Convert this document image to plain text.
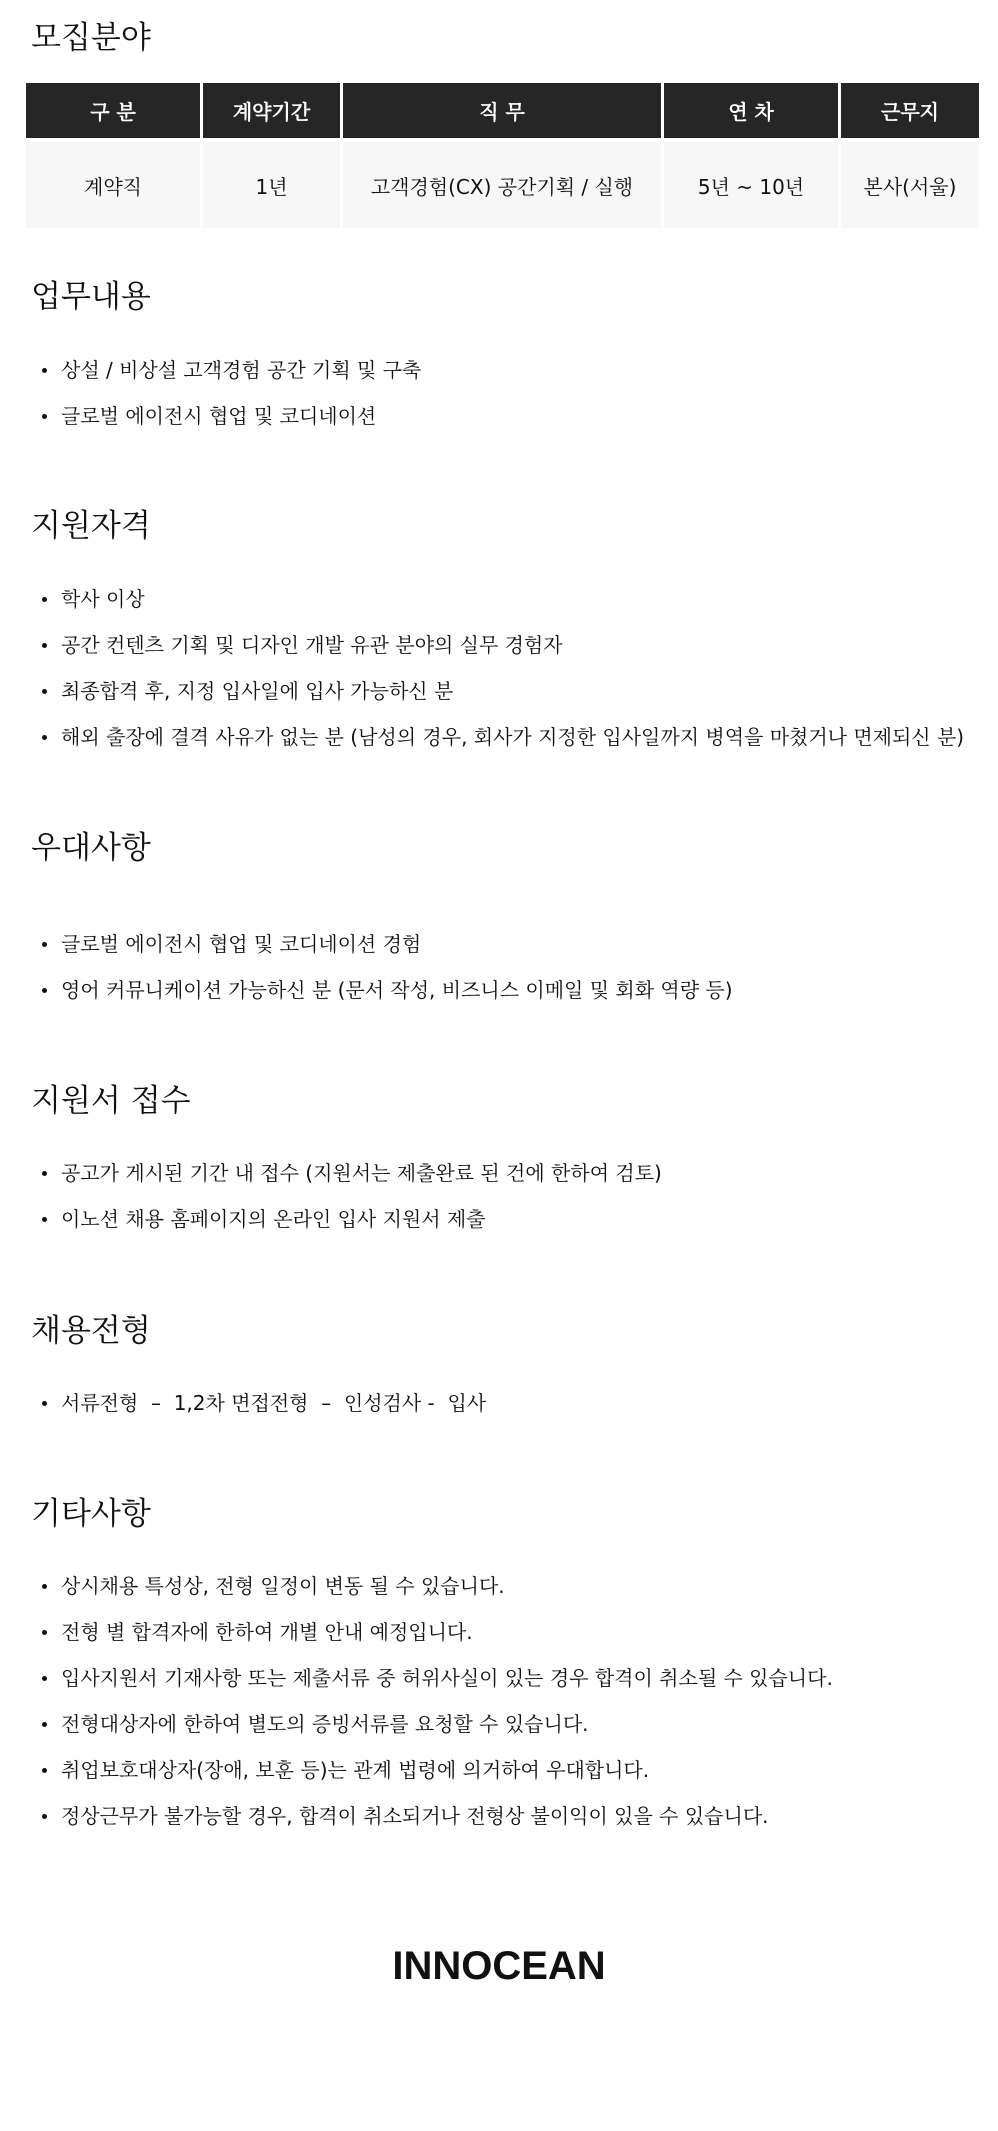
모집분야
구 분	계약기간	직 무	연 차	근무지
계약직	1년	고객경험(CX) 공간기획 / 실행	5년 ~ 10년	본사(서울)
업무내용
상설 / 비상설 고객경험 공간 기획 및 구축
글로벌 에이전시 협업 및 코디네이션
지원자격
학사 이상
공간 컨텐츠 기획 및 디자인 개발 유관 분야의 실무 경험자
최종합격 후, 지정 입사일에 입사 가능하신 분
해외 출장에 결격 사유가 없는 분 (남성의 경우, 회사가 지정한 입사일까지 병역을 마쳤거나 면제되신 분)
우대사항
글로벌 에이전시 협업 및 코디네이션 경험
영어 커뮤니케이션 가능하신 분 (문서 작성, 비즈니스 이메일 및 회화 역량 등)
지원서 접수
공고가 게시된 기간 내 접수 (지원서는 제출완료 된 건에 한하여 검토)
이노션 채용 홈페이지의 온라인 입사 지원서 제출
채용전형
서류전형  –  1,2차 면접전형  –  인성검사 -  입사
기타사항
상시채용 특성상, 전형 일정이 변동 될 수 있습니다.
전형 별 합격자에 한하여 개별 안내 예정입니다.
입사지원서 기재사항 또는 제출서류 중 허위사실이 있는 경우 합격이 취소될 수 있습니다.
전형대상자에 한하여 별도의 증빙서류를 요청할 수 있습니다.
취업보호대상자(장애, 보훈 등)는 관계 법령에 의거하여 우대합니다.
정상근무가 불가능할 경우, 합격이 취소되거나 전형상 불이익이 있을 수 있습니다.
INNOCEAN
